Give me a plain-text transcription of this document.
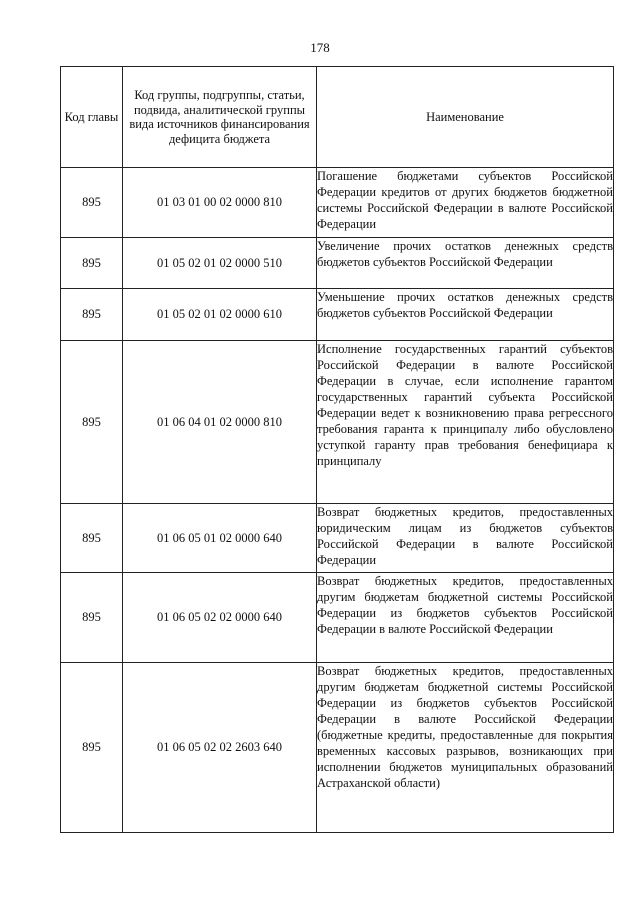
178
Код главы	Код группы, подгруппы, статьи, подвида, аналитической группы вида источников финансирования дефицита бюджета	Наименование
895	01 03 01 00 02 0000 810	Погашение бюджетами субъектов Российской Федерации кредитов от других бюджетов бюджетной системы Российской Федерации в валюте Российской Федерации
895	01 05 02 01 02 0000 510	Увеличение прочих остатков денежных средств бюджетов субъектов Российской Федерации
895	01 05 02 01 02 0000 610	Уменьшение прочих остатков денежных средств бюджетов субъектов Российской Федерации
895	01 06 04 01 02 0000 810	Исполнение государственных гарантий субъектов Российской Федерации в валюте Российской Федерации в случае, если исполнение гарантом государственных гарантий субъекта Российской Федерации ведет к возникновению права регрессного требования гаранта к принципалу либо обусловлено уступкой гаранту прав требования бенефициара к принципалу
895	01 06 05 01 02 0000 640	Возврат бюджетных кредитов, предоставленных юридическим лицам из бюджетов субъектов Российской Федерации в валюте Российской Федерации
895	01 06 05 02 02 0000 640	Возврат бюджетных кредитов, предоставленных другим бюджетам бюджетной системы Российской Федерации из бюджетов субъектов Российской Федерации в валюте Российской Федерации
895	01 06 05 02 02 2603 640	Возврат бюджетных кредитов, предоставленных другим бюджетам бюджетной системы Российской Федерации из бюджетов субъектов Российской Федерации в валюте Российской Федерации (бюджетные кредиты, предоставленные для покрытия временных кассовых разрывов, возникающих при исполнении бюджетов муниципальных образований Астраханской области)
